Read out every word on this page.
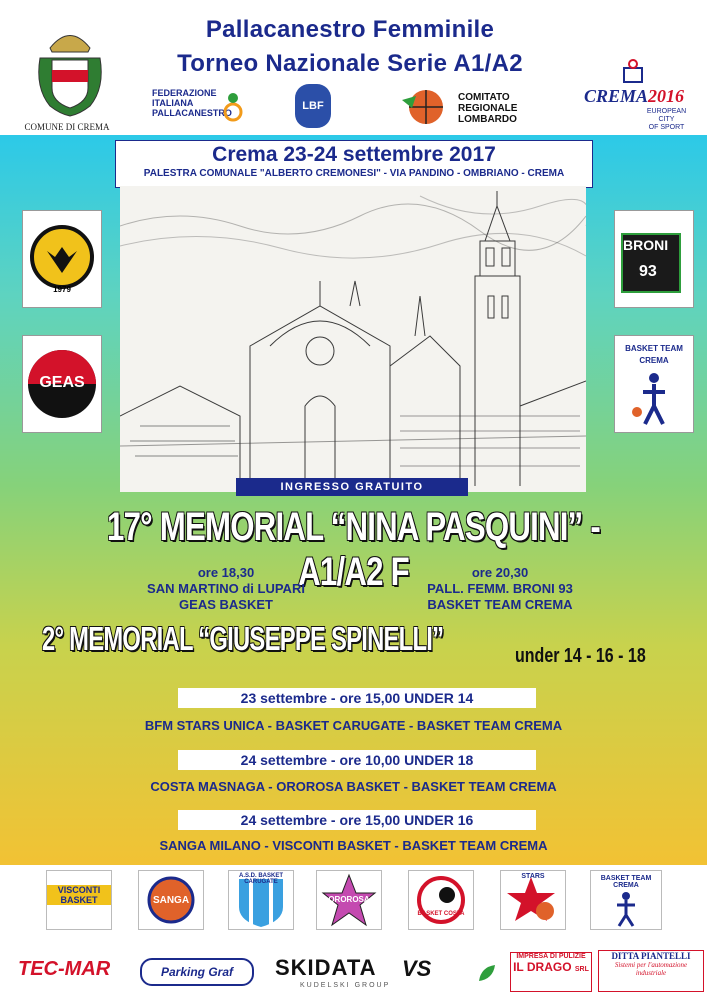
COMUNE DI CREMA
Pallacanestro Femminile
Torneo Nazionale Serie A1/A2
FEDERAZIONE
ITALIANA
PALLACANESTRO
LBF
COMITATO
REGIONALE
LOMBARDO
CREMA2016
EUROPEAN CITY
OF SPORT
Crema 23-24 settembre 2017
PALESTRA COMUNALE "ALBERTO CREMONESI" - VIA PANDINO - OMBRIANO - CREMA
1979
GEAS
BRONI
93
BASKET TEAM
CREMA
INGRESSO GRATUITO
17° MEMORIAL “NINA PASQUINI” - A1/A2 F
ore 18,30
SAN MARTINO di LUPARI
GEAS BASKET
ore 20,30
PALL. FEMM. BRONI 93
BASKET TEAM CREMA
2° MEMORIAL “GIUSEPPE SPINELLI”	under 14 - 16 - 18
23 settembre - ore 15,00 UNDER 14
BFM STARS UNICA - BASKET CARUGATE - BASKET TEAM CREMA
24 settembre - ore 10,00 UNDER 18
COSTA MASNAGA - OROROSA BASKET - BASKET TEAM CREMA
24 settembre - ore 15,00 UNDER 16
SANGA MILANO - VISCONTI BASKET - BASKET TEAM CREMA
VISCONTI BASKET	SANGA
A.S.D. BASKET CARUGATE
OROROSA
BASKET COSTA
STARS	BASKET TEAM CREMA
TEC-MAR	Parking Graf	SKIDATA
KUDELSKI GROUP
VS	IMPRESA DI PULIZIE
IL DRAGO SRL
DITTA PIANTELLI
Sistemi per l'automazione
industriale
